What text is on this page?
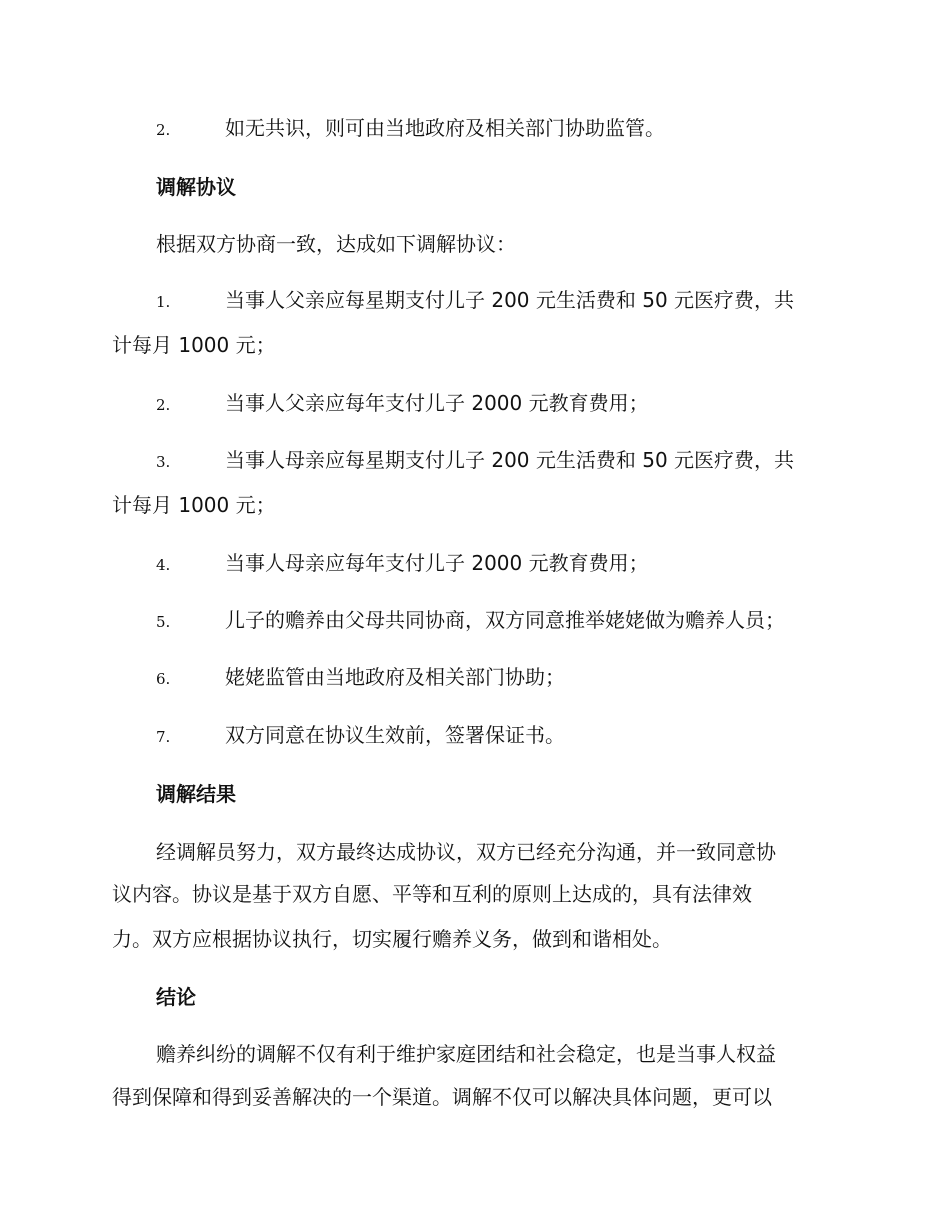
2.	如无共识，则可由当地政府及相关部门协助监管。
调解协议
根据双方协商一致，达成如下调解协议：
1.	当事人父亲应每星期支付儿子 200 元生活费和 50 元医疗费，共
计每月 1000 元；
2.	当事人父亲应每年支付儿子 2000 元教育费用；
3.	当事人母亲应每星期支付儿子 200 元生活费和 50 元医疗费，共
计每月 1000 元；
4.	当事人母亲应每年支付儿子 2000 元教育费用；
5.	儿子的赡养由父母共同协商，双方同意推举姥姥做为赡养人员；
6.	姥姥监管由当地政府及相关部门协助；
7.	双方同意在协议生效前，签署保证书。
调解结果
经调解员努力，双方最终达成协议，双方已经充分沟通，并一致同意协
议内容。协议是基于双方自愿、平等和互利的原则上达成的，具有法律效
力。双方应根据协议执行，切实履行赡养义务，做到和谐相处。
结论
赡养纠纷的调解不仅有利于维护家庭团结和社会稳定，也是当事人权益
得到保障和得到妥善解决的一个渠道。调解不仅可以解决具体问题，更可以
